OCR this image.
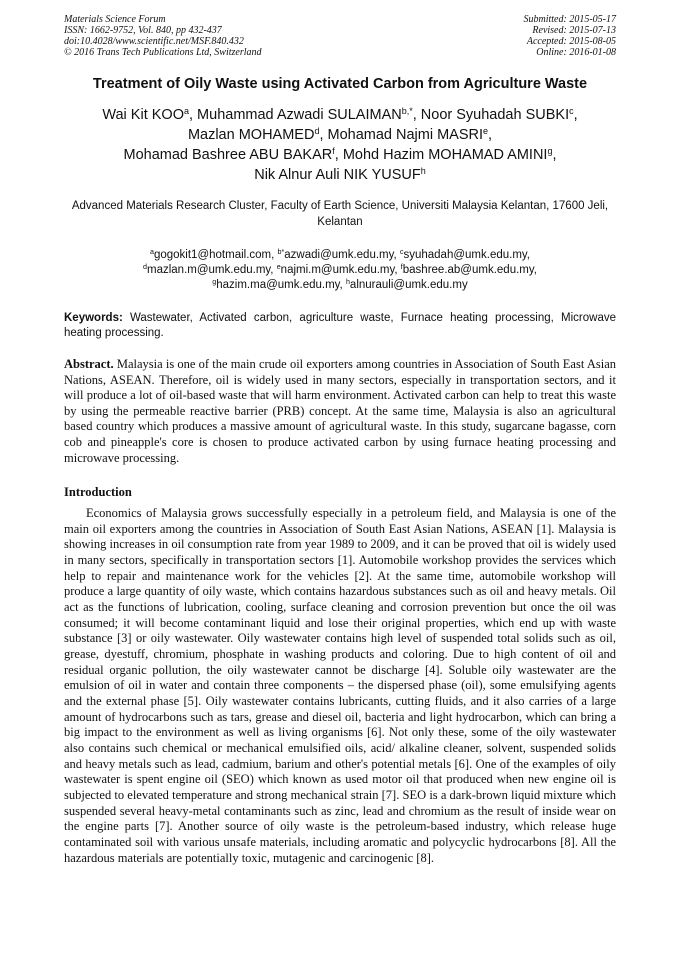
Materials Science Forum
ISSN: 1662-9752, Vol. 840, pp 432-437
doi:10.4028/www.scientific.net/MSF.840.432
© 2016 Trans Tech Publications Ltd, Switzerland
Submitted: 2015-05-17
Revised: 2015-07-13
Accepted: 2015-08-05
Online: 2016-01-08
Treatment of Oily Waste using Activated Carbon from Agriculture Waste
Wai Kit KOO$^a$, Muhammad Azwadi $SULAIMAN^{b,*}$, Noor Syuhadah SUBKI$^c$,
Mazlan MOHAMED$^d$, Mohamad Najmi MASRI$^e$,
Mohamad Bashree ABU BAKAR$^f$, Mohd Hazim MOHAMAD AMINI$^g$,
Nik Alnur Auli NIK YUSUF$^h$
Advanced Materials Research Cluster, Faculty of Earth Science, Universiti Malaysia Kelantan, 17600 Jeli, Kelantan
$^a$gogokit1@hotmail.com, $^{b*}$azwadi@umk.edu.my, $^c$syuhadah@umk.edu.my,
$^d$mazlan.m@umk.edu.my, $^e$najmi.m@umk.edu.my, $^f$bashree.ab@umk.edu.my,
$^g$hazim.ma@umk.edu.my, $^h$alnurauli@umk.edu.my
Keywords: Wastewater, Activated carbon, agriculture waste, Furnace heating processing, Microwave heating processing.
Abstract. Malaysia is one of the main crude oil exporters among countries in Association of South East Asian Nations, ASEAN. Therefore, oil is widely used in many sectors, especially in transportation sectors, and it will produce a lot of oil-based waste that will harm environment. Activated carbon can help to treat this waste by using the permeable reactive barrier (PRB) concept. At the same time, Malaysia is also an agricultural based country which produces a massive amount of agricultural waste. In this study, sugarcane bagasse, corn cob and pineapple's core is chosen to produce activated carbon by using furnace heating processing and microwave processing.
Introduction
Economics of Malaysia grows successfully especially in a petroleum field, and Malaysia is one of the main oil exporters among the countries in Association of South East Asian Nations, ASEAN [1]. Malaysia is showing increases in oil consumption rate from year 1989 to 2009, and it can be proved that oil is widely used in many sectors, specifically in transportation sectors [1]. Automobile workshop provides the services which help to repair and maintenance work for the vehicles [2]. At the same time, automobile workshop will produce a large quantity of oily waste, which contains hazardous substances such as oil and heavy metals. Oil act as the functions of lubrication, cooling, surface cleaning and corrosion prevention but once the oil was consumed; it will become contaminant liquid and lose their original properties, which end up with waste substance [3] or oily wastewater. Oily wastewater contains high level of suspended total solids such as oil, grease, dyestuff, chromium, phosphate in washing products and coloring. Due to high content of oil and residual organic pollution, the oily wastewater cannot be discharge [4]. Soluble oily wastewater are the emulsion of oil in water and contain three components – the dispersed phase (oil), some emulsifying agents and the external phase [5]. Oily wastewater contains lubricants, cutting fluids, and it also carries of a large amount of hydrocarbons such as tars, grease and diesel oil, bacteria and light hydrocarbon, which can bring a big impact to the environment as well as living organisms [6]. Not only these, some of the oily wastewater also contains such chemical or mechanical emulsified oils, acid/ alkaline cleaner, solvent, suspended solids and heavy metals such as lead, cadmium, barium and other's potential metals [6]. One of the examples of oily wastewater is spent engine oil (SEO) which known as used motor oil that produced when new engine oil is subjected to elevated temperature and strong mechanical strain [7]. SEO is a dark-brown liquid mixture which suspended several heavy-metal contaminants such as zinc, lead and chromium as the result of inside wear on the engine parts [7]. Another source of oily waste is the petroleum-based industry, which release huge contaminated soil with various unsafe materials, including aromatic and polycyclic hydrocarbons [8]. All the hazardous materials are potentially toxic, mutagenic and carcinogenic [8].
